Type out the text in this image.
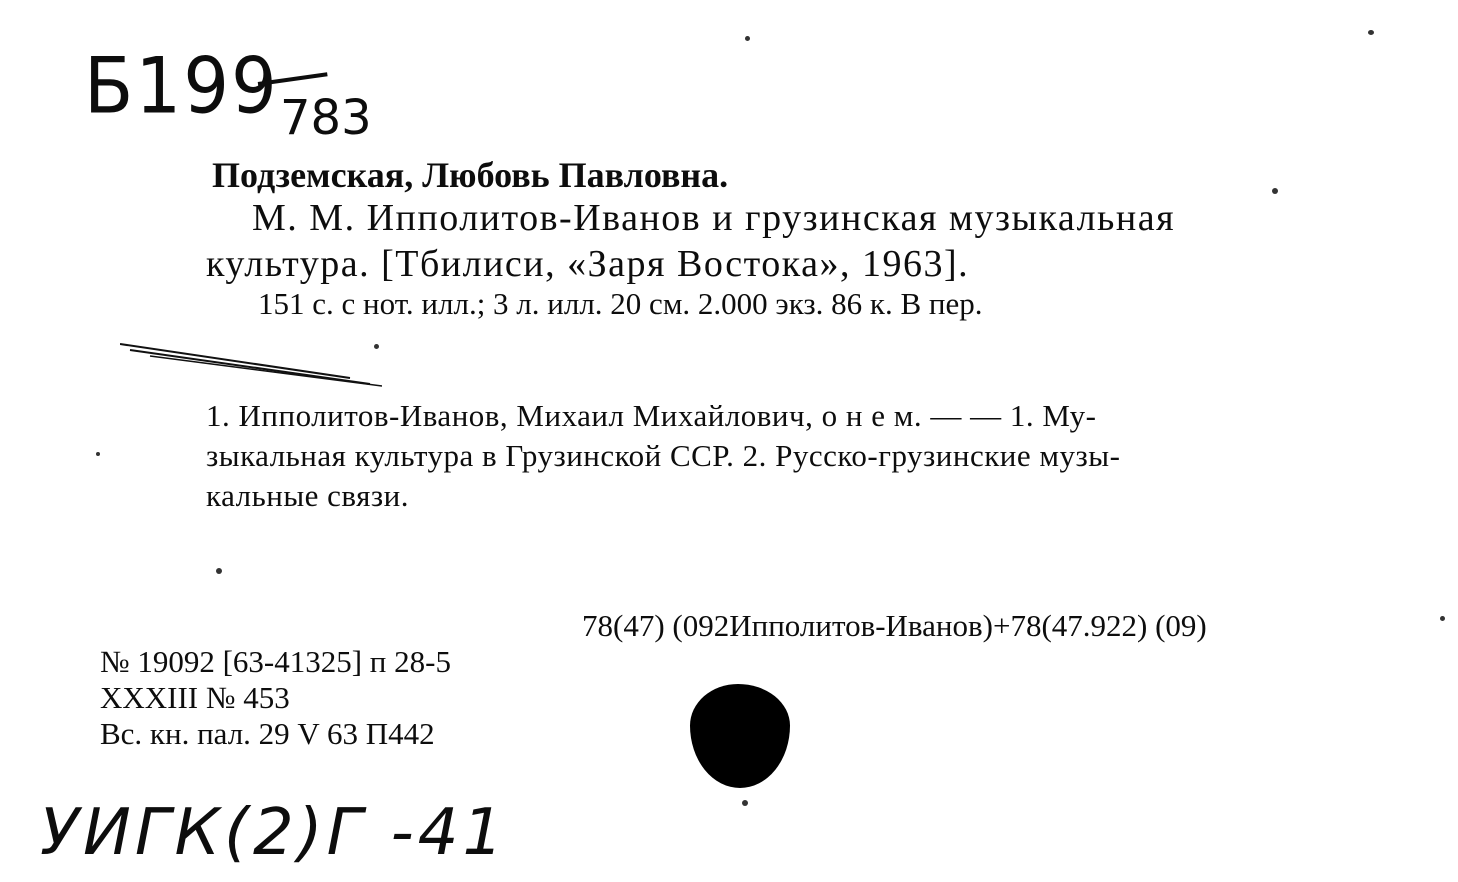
Б199 783
Подземская, Любовь Павловна.
М. М. Ипполитов-Иванов и грузинская музыкальная
культура. [Тбилиси, «Заря Востока», 1963].
151 с. с нот. илл.; 3 л. илл. 20 см. 2.000 экз. 86 к. В пер.
1. Ипполитов-Иванов, Михаил Михайлович, о н е м. — — 1. Му-
зыкальная культура в Грузинской ССР. 2. Русско-грузинские музы-
кальные связи.
78(47) (092Ипполитов-Иванов)+78(47.922) (09)
№ 19092 [63-41325] п 28-5
XXXIII № 453
Вс. кн. пал. 29 V 63 П442
УИГК(2)Г -41
